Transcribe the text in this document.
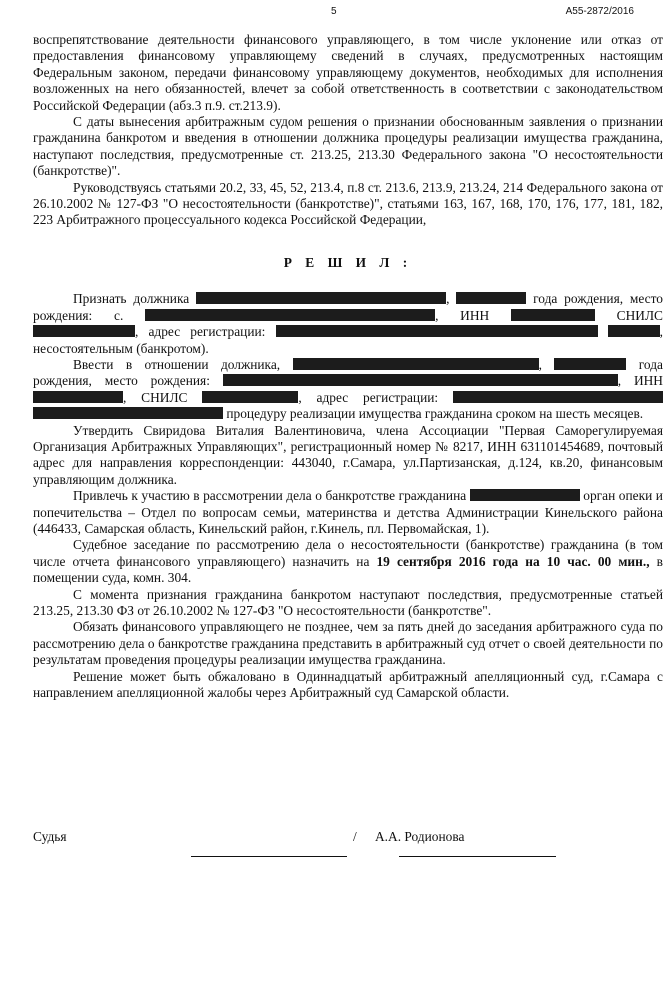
5	А55-2872/2016

воспрепятствование деятельности финансового управляющего, в том числе уклонение или отказ от предоставления финансовому управляющему сведений в случаях, предусмотренных настоящим Федеральным законом, передачи финансовому управляющему документов, необходимых для исполнения возложенных на него обязанностей, влечет за собой ответственность в соответствии с законодательством Российской Федерации (абз.3 п.9. ст.213.9).

С даты вынесения арбитражным судом решения о признании обоснованным заявления о признании гражданина банкротом и введения в отношении должника процедуры реализации имущества гражданина, наступают последствия, предусмотренные ст. 213.25, 213.30 Федерального закона "О несостоятельности (банкротстве)".

Руководствуясь статьями 20.2, 33, 45, 52, 213.4, п.8 ст. 213.6, 213.9, 213.24, 214 Федерального закона от 26.10.2002 № 127-ФЗ "О несостоятельности (банкротстве)", статьями 163, 167, 168, 170, 176, 177, 181, 182, 223 Арбитражного процессуального кодекса Российской Федерации,

Р Е Ш И Л :

Признать должника	,	года рождения, место рождения: с.	, ИНН	СНИЛС , адрес регистрации:	, несостоятельным (банкротом).

Ввести в отношении должника,	,	года рождения, место рождения:	, ИНН , СНИЛС	, адрес регистрации:   процедуру реализации имущества гражданина сроком на шесть месяцев.

Утвердить Свиридова Виталия Валентиновича, члена Ассоциации "Первая Саморегулируемая Организация Арбитражных Управляющих", регистрационный номер № 8217, ИНН 631101454689, почтовый адрес для направления корреспонденции: 443040, г.Самара, ул.Партизанская, д.124, кв.20, финансовым управляющим должника.

Привлечь к участию в рассмотрении дела о банкротстве гражданина	орган опеки и попечительства – Отдел по вопросам семьи, материнства и детства Администрации Кинельского района (446433, Самарская область, Кинельский район, г.Кинель, пл. Первомайская, 1).

Судебное заседание по рассмотрению дела о несостоятельности (банкротстве) гражданина (в том числе отчета финансового управляющего) назначить на 19 сентября 2016 года на 10 час. 00 мин., в помещении суда, комн. 304.

С момента признания гражданина банкротом наступают последствия, предусмотренные статьей 213.25, 213.30 ФЗ от 26.10.2002 № 127-ФЗ "О несостоятельности (банкротстве".

Обязать финансового управляющего не позднее, чем за пять дней до заседания арбитражного суда по рассмотрению дела о банкротстве гражданина представить в арбитражный суд отчет о своей деятельности по результатам проведения процедуры реализации имущества гражданина.

Решение может быть обжаловано в Одиннадцатый арбитражный апелляционный суд, г.Самара с направлением апелляционной жалобы через Арбитражный суд Самарской области.

Судья	/ А.А. Родионова
